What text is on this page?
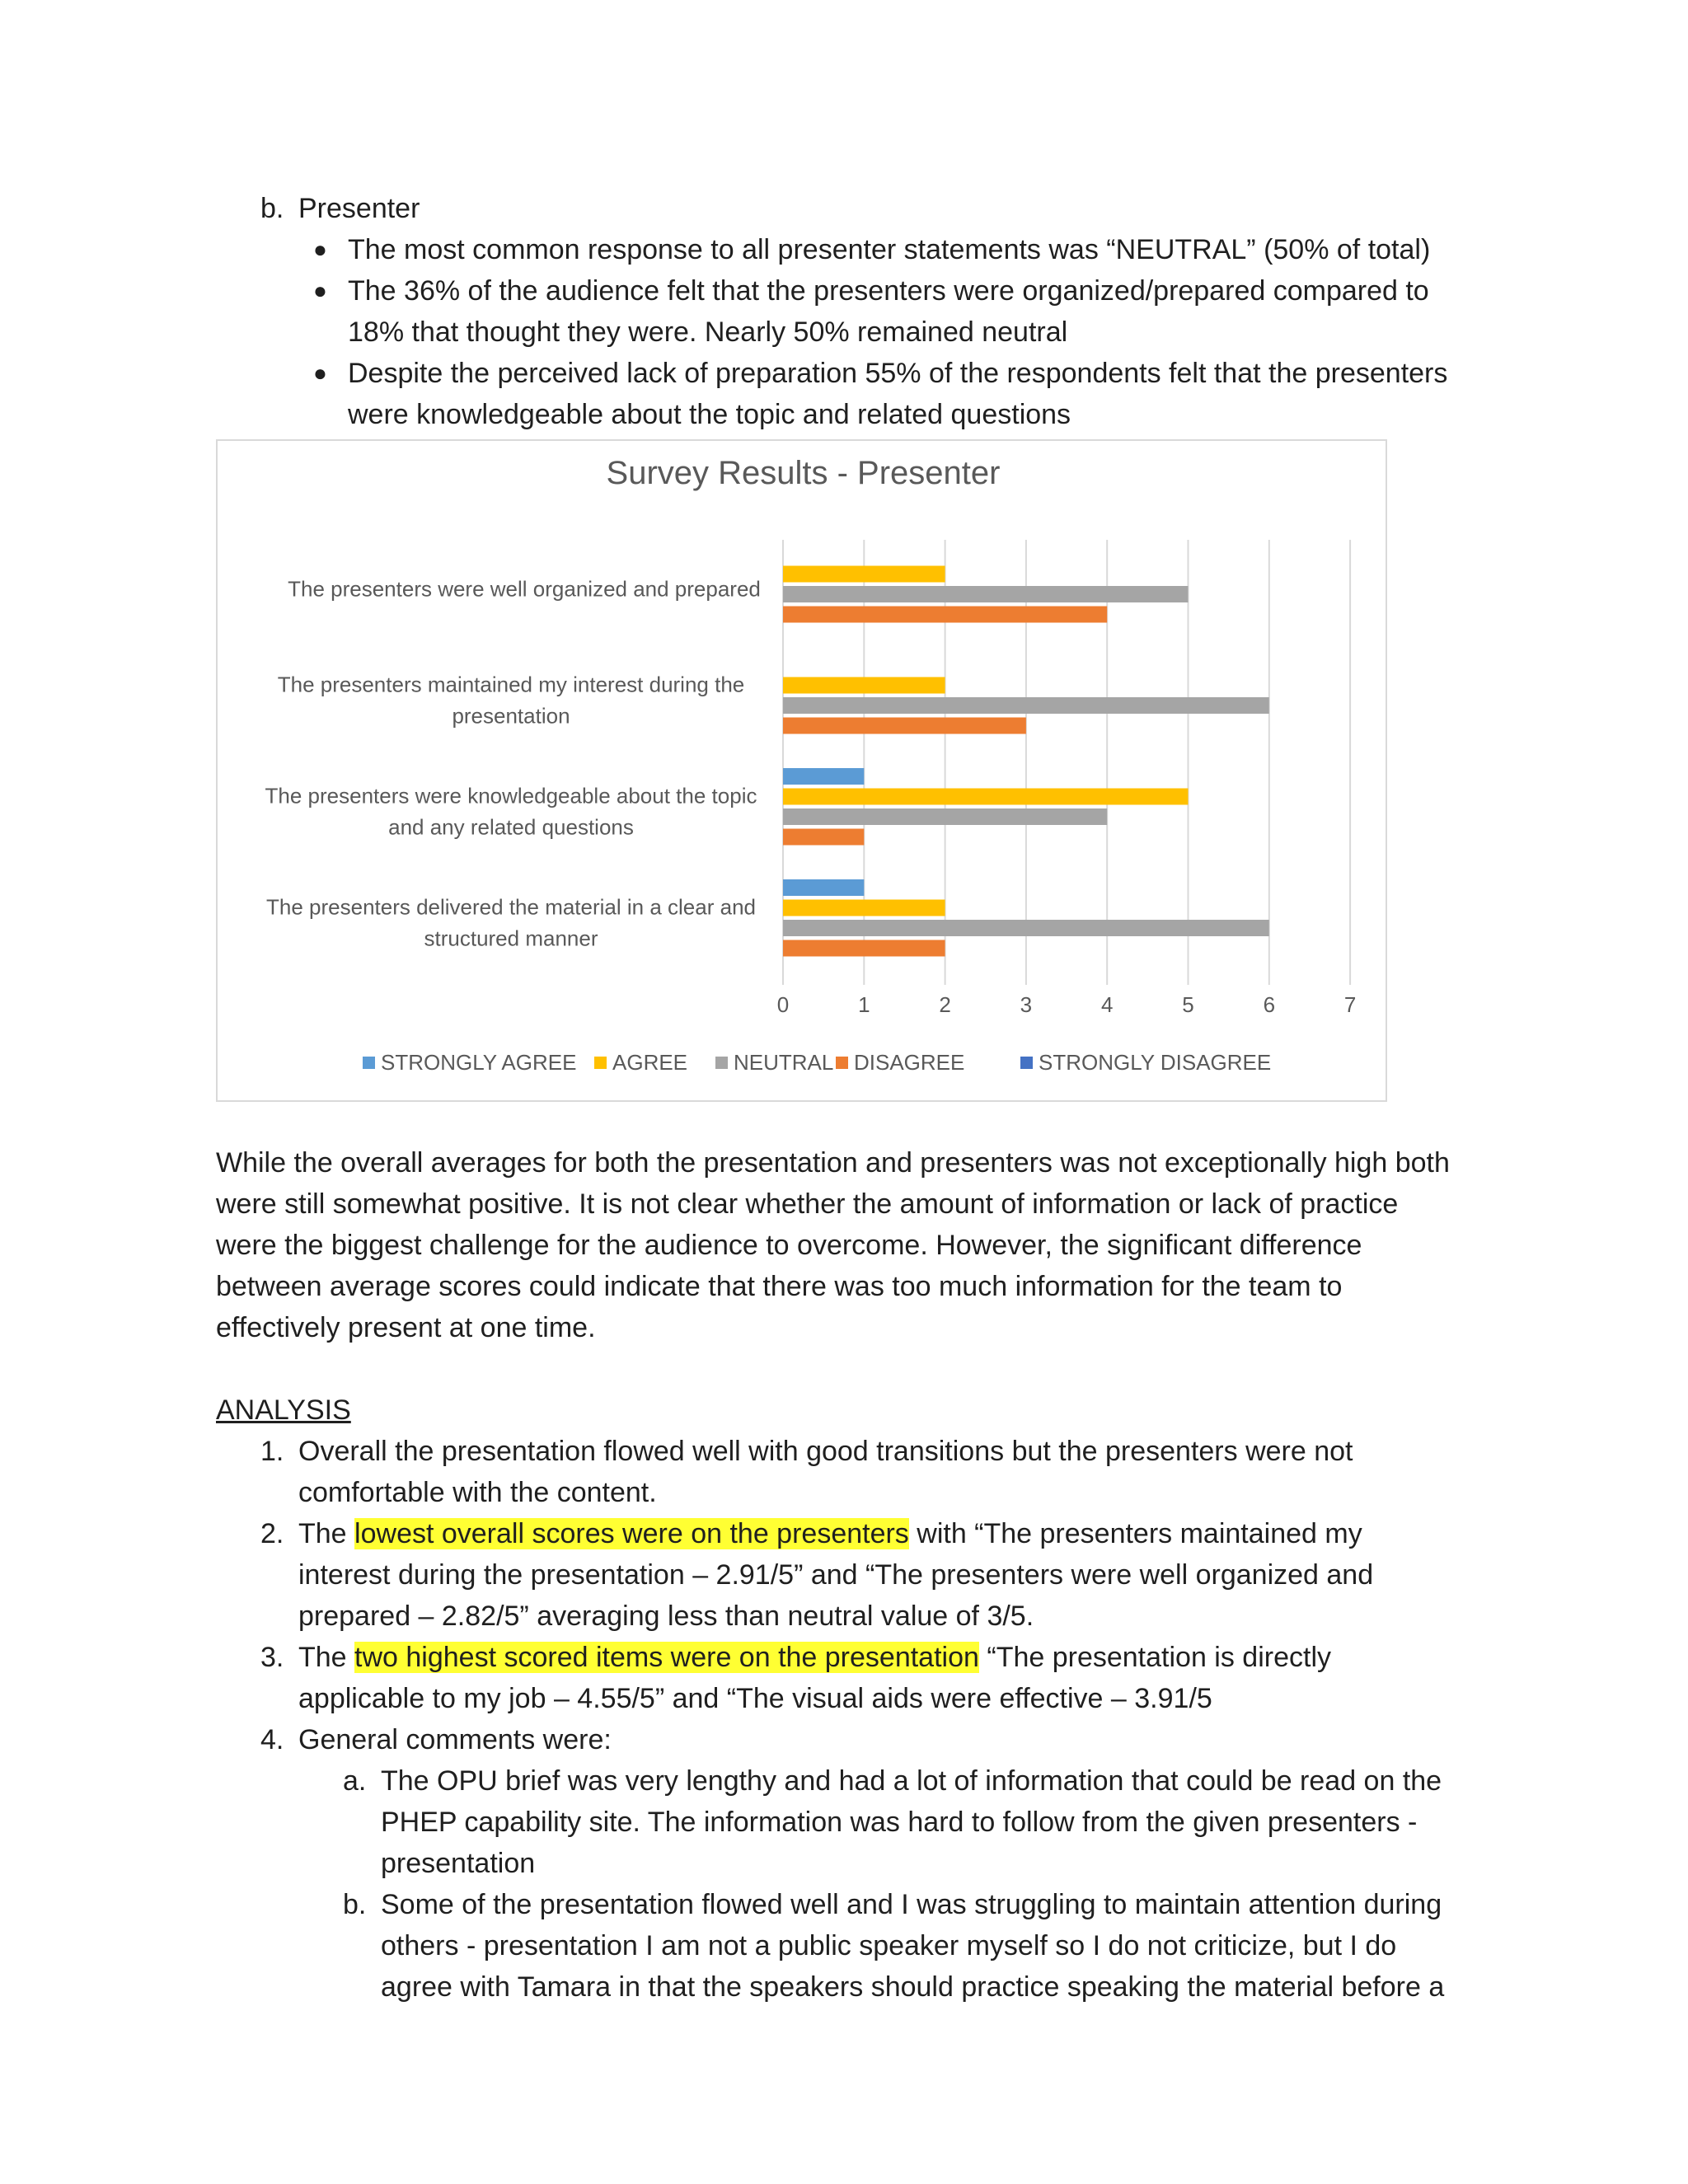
b. Presenter
● The most common response to all presenter statements was “NEUTRAL” (50% of total)
● The 36% of the audience felt that the presenters were organized/prepared compared to
18% that thought they were. Nearly 50% remained neutral
● Despite the perceived lack of preparation 55% of the respondents felt that the presenters
were knowledgeable about the topic and related questions
Survey Results - Presenter
The presenters were well organized and prepared
The presenters maintained my interest during the
presentation
The presenters were knowledgeable about the topic
and any related questions
The presenters delivered the material in a clear and
structured manner
0	1	2	3	4	5	6	7
STRONGLY AGREE AGREE NEUTRAL DISAGREE	STRONGLY DISAGREE
While the overall averages for both the presentation and presenters was not exceptionally high both
were still somewhat positive. It is not clear whether the amount of information or lack of practice
were the biggest challenge for the audience to overcome. However, the significant difference
between average scores could indicate that there was too much information for the team to
effectively present at one time.
ANALYSIS
1. Overall the presentation flowed well with good transitions but the presenters were not
comfortable with the content.
2. The lowest overall scores were on the presenters with “The presenters maintained my
interest during the presentation – 2.91/5” and “The presenters were well organized and
prepared – 2.82/5” averaging less than neutral value of 3/5.
3. The two highest scored items were on the presentation “The presentation is directly
applicable to my job – 4.55/5” and “The visual aids were effective – 3.91/5
4. General comments were:
a. The OPU brief was very lengthy and had a lot of information that could be read on the
PHEP capability site. The information was hard to follow from the given presenters -
presentation
b. Some of the presentation flowed well and I was struggling to maintain attention during
others - presentation I am not a public speaker myself so I do not criticize, but I do
agree with Tamara in that the speakers should practice speaking the material before a
